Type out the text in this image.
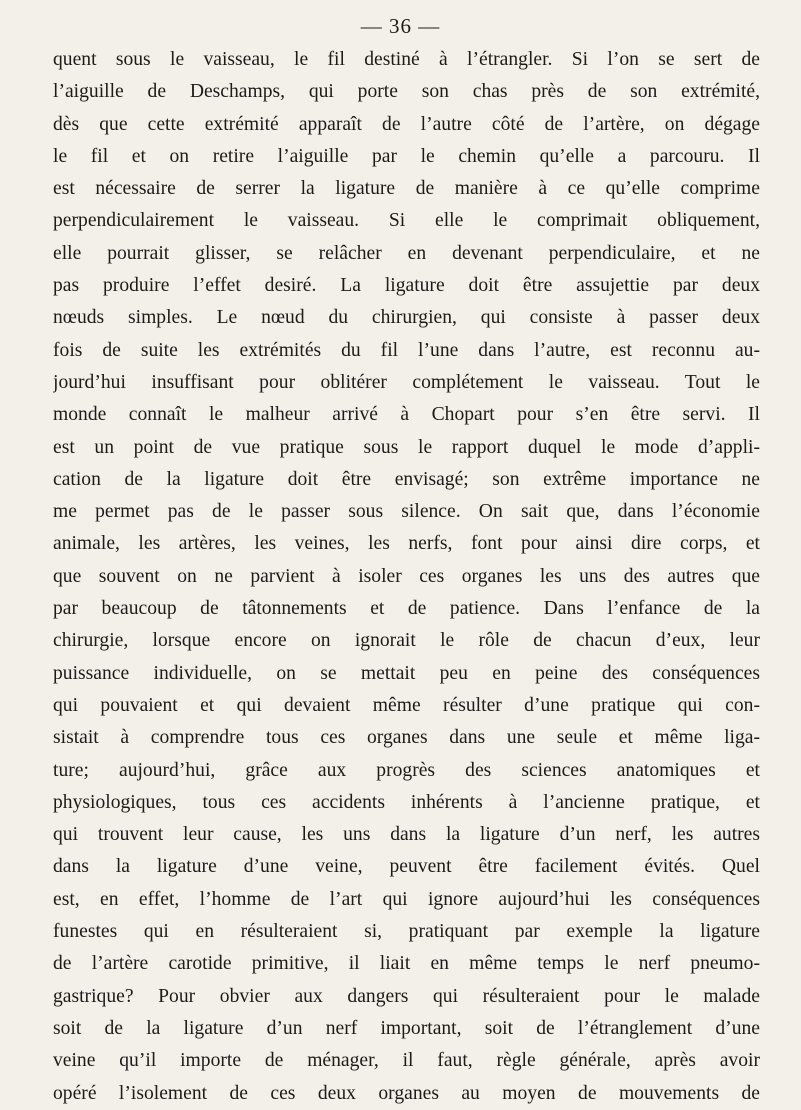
— 36 —
quent sous le vaisseau, le fil destiné à l’étrangler. Si l’on se sert de
l’aiguille de Deschamps, qui porte son chas près de son extrémité,
dès que cette extrémité apparaît de l’autre côté de l’artère, on dégage
le fil et on retire l’aiguille par le chemin qu’elle a parcouru. Il
est nécessaire de serrer la ligature de manière à ce qu’elle comprime
perpendiculairement le vaisseau. Si elle le comprimait obliquement,
elle pourrait glisser, se relâcher en devenant perpendiculaire, et ne
pas produire l’effet desiré. La ligature doit être assujettie par deux
nœuds simples. Le nœud du chirurgien, qui consiste à passer deux
fois de suite les extrémités du fil l’une dans l’autre, est reconnu au-
jourd’hui insuffisant pour oblitérer complétement le vaisseau. Tout le
monde connaît le malheur arrivé à Chopart pour s’en être servi. Il
est un point de vue pratique sous le rapport duquel le mode d’appli-
cation de la ligature doit être envisagé; son extrême importance ne
me permet pas de le passer sous silence. On sait que, dans l’économie
animale, les artères, les veines, les nerfs, font pour ainsi dire corps, et
que souvent on ne parvient à isoler ces organes les uns des autres que
par beaucoup de tâtonnements et de patience. Dans l’enfance de la
chirurgie, lorsque encore on ignorait le rôle de chacun d’eux, leur
puissance individuelle, on se mettait peu en peine des conséquences
qui pouvaient et qui devaient même résulter d’une pratique qui con-
sistait à comprendre tous ces organes dans une seule et même liga-
ture; aujourd’hui, grâce aux progrès des sciences anatomiques et
physiologiques, tous ces accidents inhérents à l’ancienne pratique, et
qui trouvent leur cause, les uns dans la ligature d’un nerf, les autres
dans la ligature d’une veine, peuvent être facilement évités. Quel
est, en effet, l’homme de l’art qui ignore aujourd’hui les conséquences
funestes qui en résulteraient si, pratiquant par exemple la ligature
de l’artère carotide primitive, il liait en même temps le nerf pneumo-
gastrique? Pour obvier aux dangers qui résulteraient pour le malade
soit de la ligature d’un nerf important, soit de l’étranglement d’une
veine qu’il importe de ménager, il faut, règle générale, après avoir
opéré l’isolement de ces deux organes au moyen de mouvements de
